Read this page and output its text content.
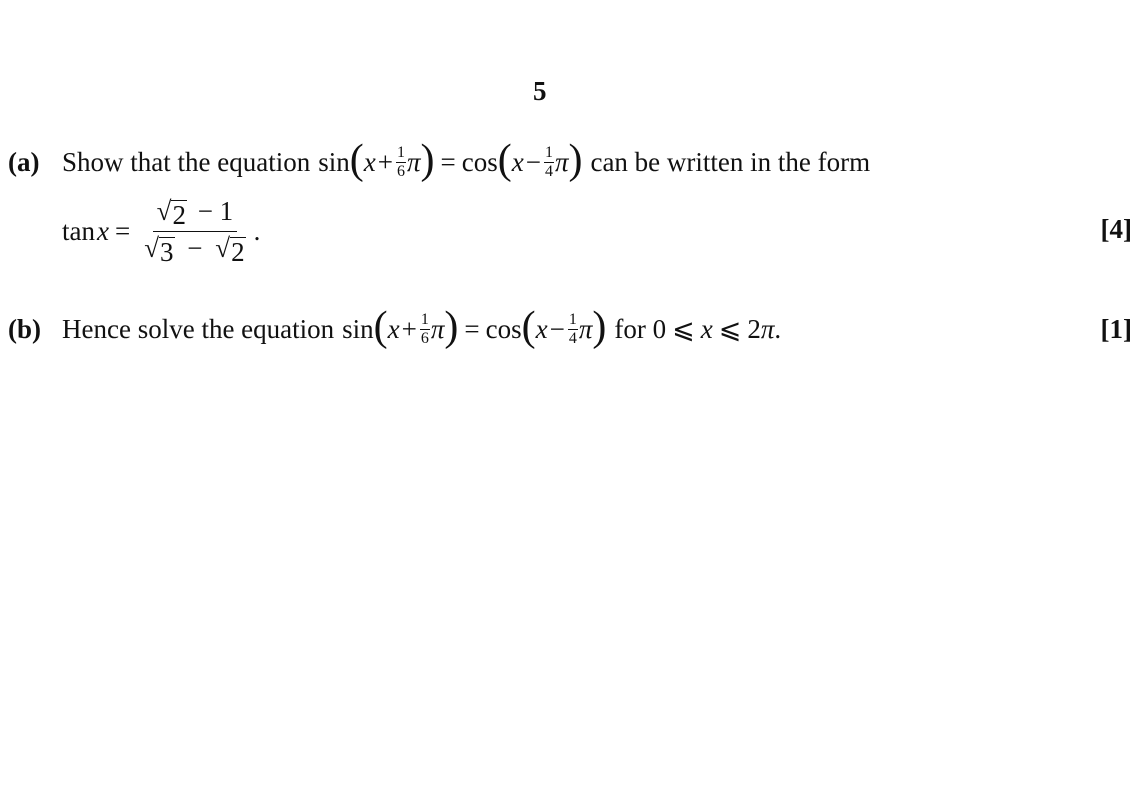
5
(a) Show that the equation sin ( $x + \frac{1}{6}$ π ) = cos ( $x - \frac{1}{4}$ π ) can be written in the form
$\tan x = \frac{√ 2 - 1}{√ 3 - √ 2}$ .	[4]
(b) Hence solve the equation sin ( $x + \frac{1}{6}$ π ) = cos ( $x - \frac{1}{4}$ π ) for 0 ⩽ x ⩽ 2 π .	[1]
